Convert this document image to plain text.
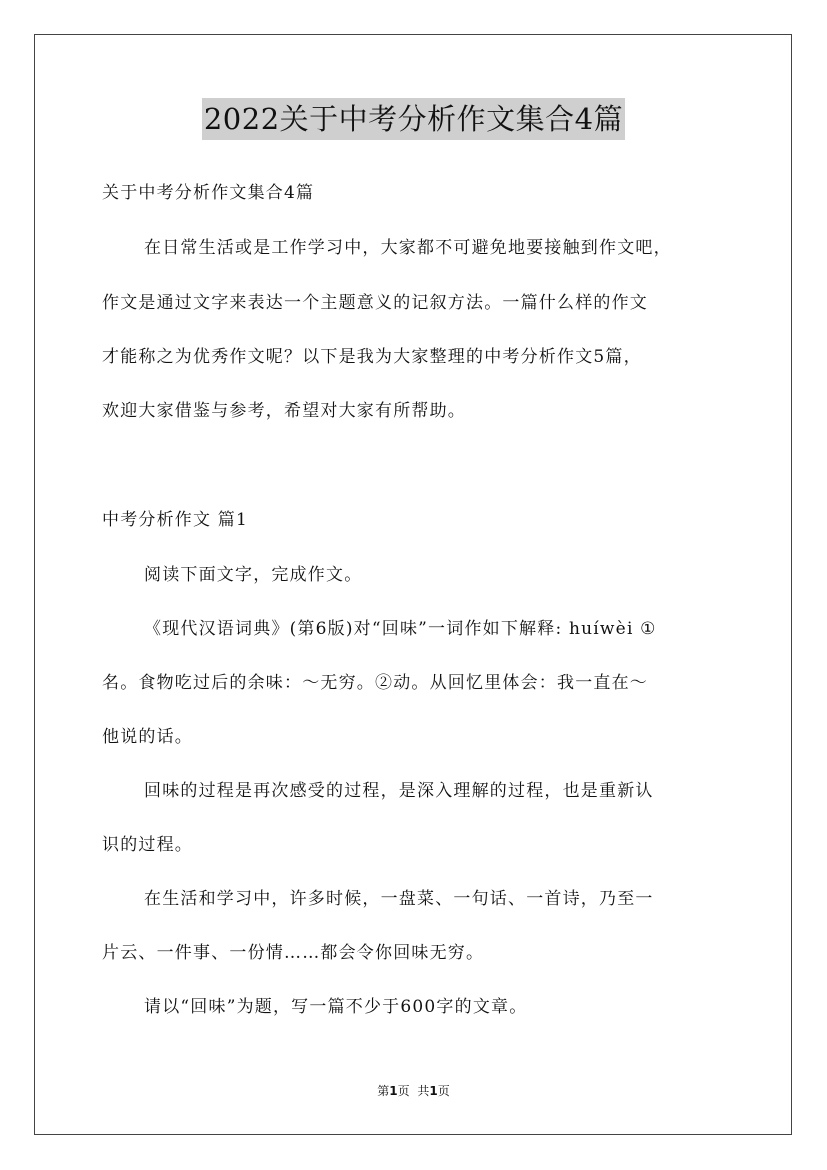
2022关于中考分析作文集合4篇
关于中考分析作文集合4篇
在日常生活或是工作学习中，大家都不可避免地要接触到作文吧，
作文是通过文字来表达一个主题意义的记叙方法。一篇什么样的作文
才能称之为优秀作文呢？以下是我为大家整理的中考分析作文5篇，
欢迎大家借鉴与参考，希望对大家有所帮助。
中考分析作文 篇1
阅读下面文字，完成作文。
《现代汉语词典》(第6版)对“回味”一词作如下解释: huíwèi ①
名。食物吃过后的余味：～无穷。②动。从回忆里体会：我一直在～
他说的话。
回味的过程是再次感受的过程，是深入理解的过程，也是重新认
识的过程。
在生活和学习中，许多时候，一盘菜、一句话、一首诗，乃至一
片云、一件事、一份情……都会令你回味无穷。
请以“回味”为题，写一篇不少于600字的文章。
第1页 共1页
